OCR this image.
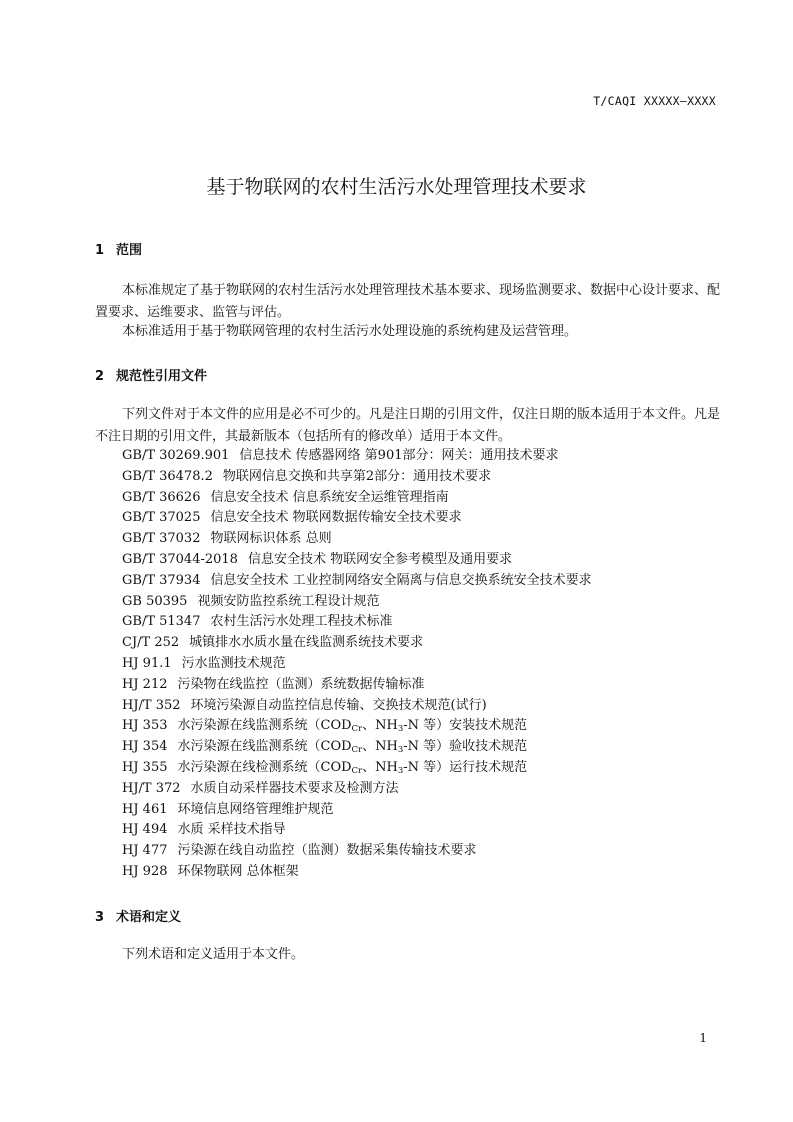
T/CAQI XXXXX—XXXX
基于物联网的农村生活污水处理管理技术要求
1 范围

本标准规定了基于物联网的农村生活污水处理管理技术基本要求、现场监测要求、数据中心设计要求、配置要求、运维要求、监管与评估。

本标准适用于基于物联网管理的农村生活污水处理设施的系统构建及运营管理。

2 规范性引用文件

下列文件对于本文件的应用是必不可少的。凡是注日期的引用文件，仅注日期的版本适用于本文件。凡是不注日期的引用文件，其最新版本（包括所有的修改单）适用于本文件。

GB/T 30269.901 信息技术 传感器网络 第901部分：网关：通用技术要求
GB/T 36478.2 物联网信息交换和共享第2部分：通用技术要求
GB/T 36626 信息安全技术 信息系统安全运维管理指南
GB/T 37025 信息安全技术 物联网数据传输安全技术要求
GB/T 37032 物联网标识体系 总则
GB/T 37044-2018 信息安全技术 物联网安全参考模型及通用要求
GB/T 37934 信息安全技术 工业控制网络安全隔离与信息交换系统安全技术要求
GB 50395 视频安防监控系统工程设计规范
GB/T 51347 农村生活污水处理工程技术标准
CJ/T 252 城镇排水水质水量在线监测系统技术要求
HJ 91.1 污水监测技术规范
HJ 212 污染物在线监控（监测）系统数据传输标准
HJ/T 352 环境污染源自动监控信息传输、交换技术规范(试行)
HJ 353 水污染源在线监测系统（$COD_{Cr}$、$NH_3-N$ 等）安装技术规范
HJ 354 水污染源在线监测系统（$COD_{Cr}$、$NH_3-N$ 等）验收技术规范
HJ 355 水污染源在线检测系统（$COD_{Cr}$、$NH_3-N$ 等）运行技术规范
HJ/T 372 水质自动采样器技术要求及检测方法
HJ 461 环境信息网络管理维护规范
HJ 494 水质 采样技术指导
HJ 477 污染源在线自动监控（监测）数据采集传输技术要求
HJ 928 环保物联网 总体框架
3 术语和定义

下列术语和定义适用于本文件。

1
